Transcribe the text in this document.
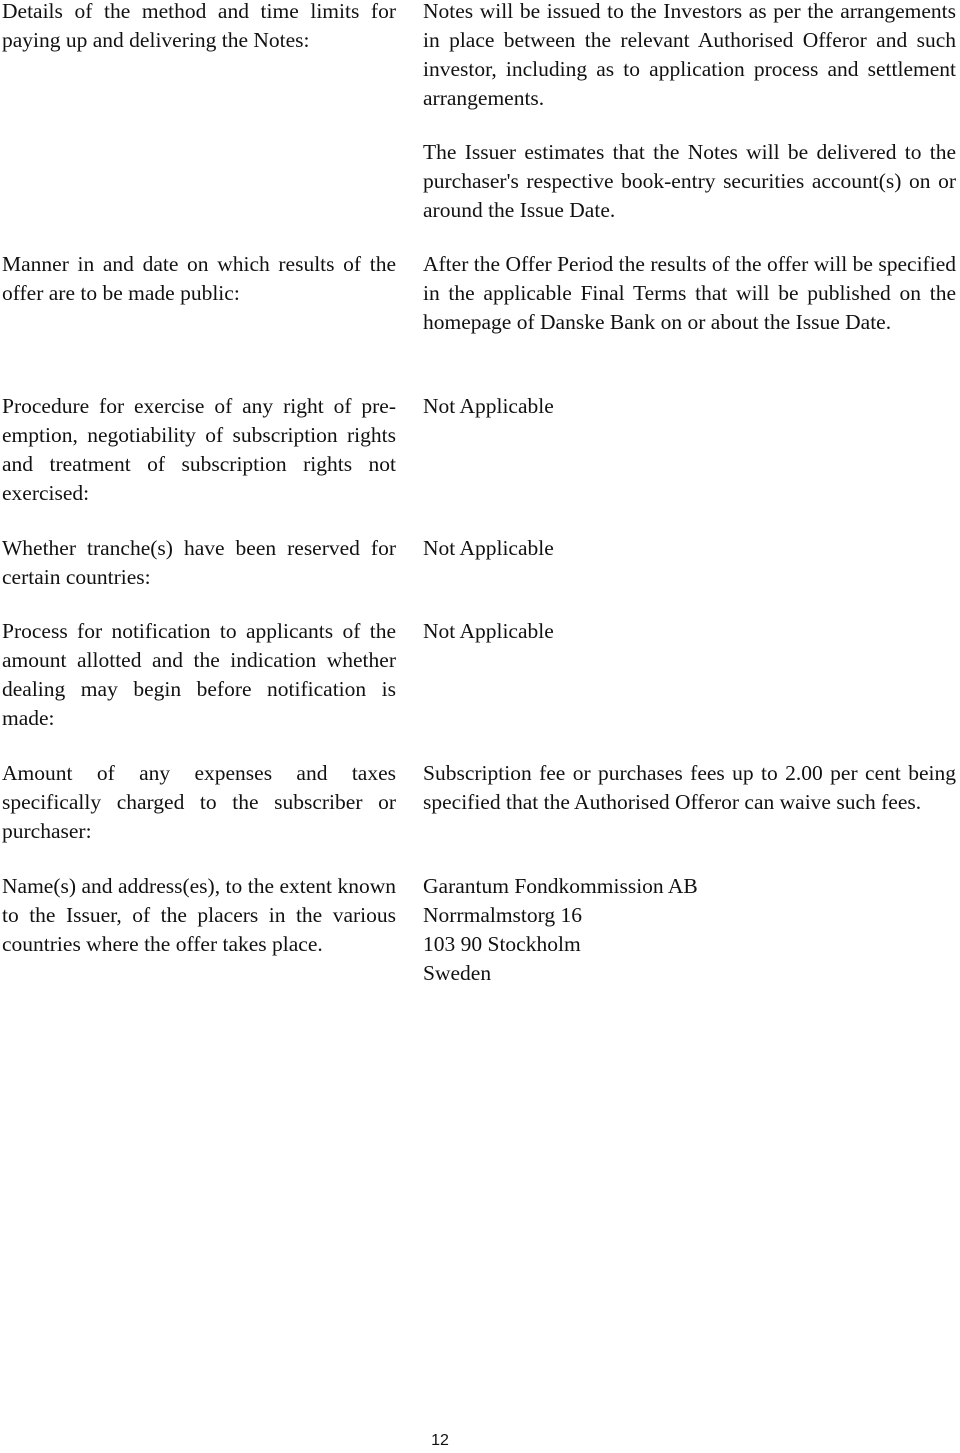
Details of the method and time limits for paying up and delivering the Notes:

Notes will be issued to the Investors as per the arrangements in place between the relevant Authorised Offeror and such investor, including as to application process and settlement arrangements.

The Issuer estimates that the Notes will be delivered to the purchaser's respective book-entry securities account(s) on or around the Issue Date.

Manner in and date on which results of the offer are to be made public:

After the Offer Period the results of the offer will be specified in the applicable Final Terms that will be published on the homepage of Danske Bank on or about the Issue Date.

Procedure for exercise of any right of pre-emption, negotiability of subscription rights and treatment of subscription rights not exercised:

Not Applicable

Whether tranche(s) have been reserved for certain countries:

Not Applicable

Process for notification to applicants of the amount allotted and the indication whether dealing may begin before notification is made:

Not Applicable

Amount of any expenses and taxes specifically charged to the subscriber or purchaser:

Subscription fee or purchases fees up to 2.00 per cent being specified that the Authorised Offeror can waive such fees.

Name(s) and address(es), to the extent known to the Issuer, of the placers in the various countries where the offer takes place.
Garantum Fondkommission AB
Norrmalmstorg 16
103 90 Stockholm
Sweden
12
